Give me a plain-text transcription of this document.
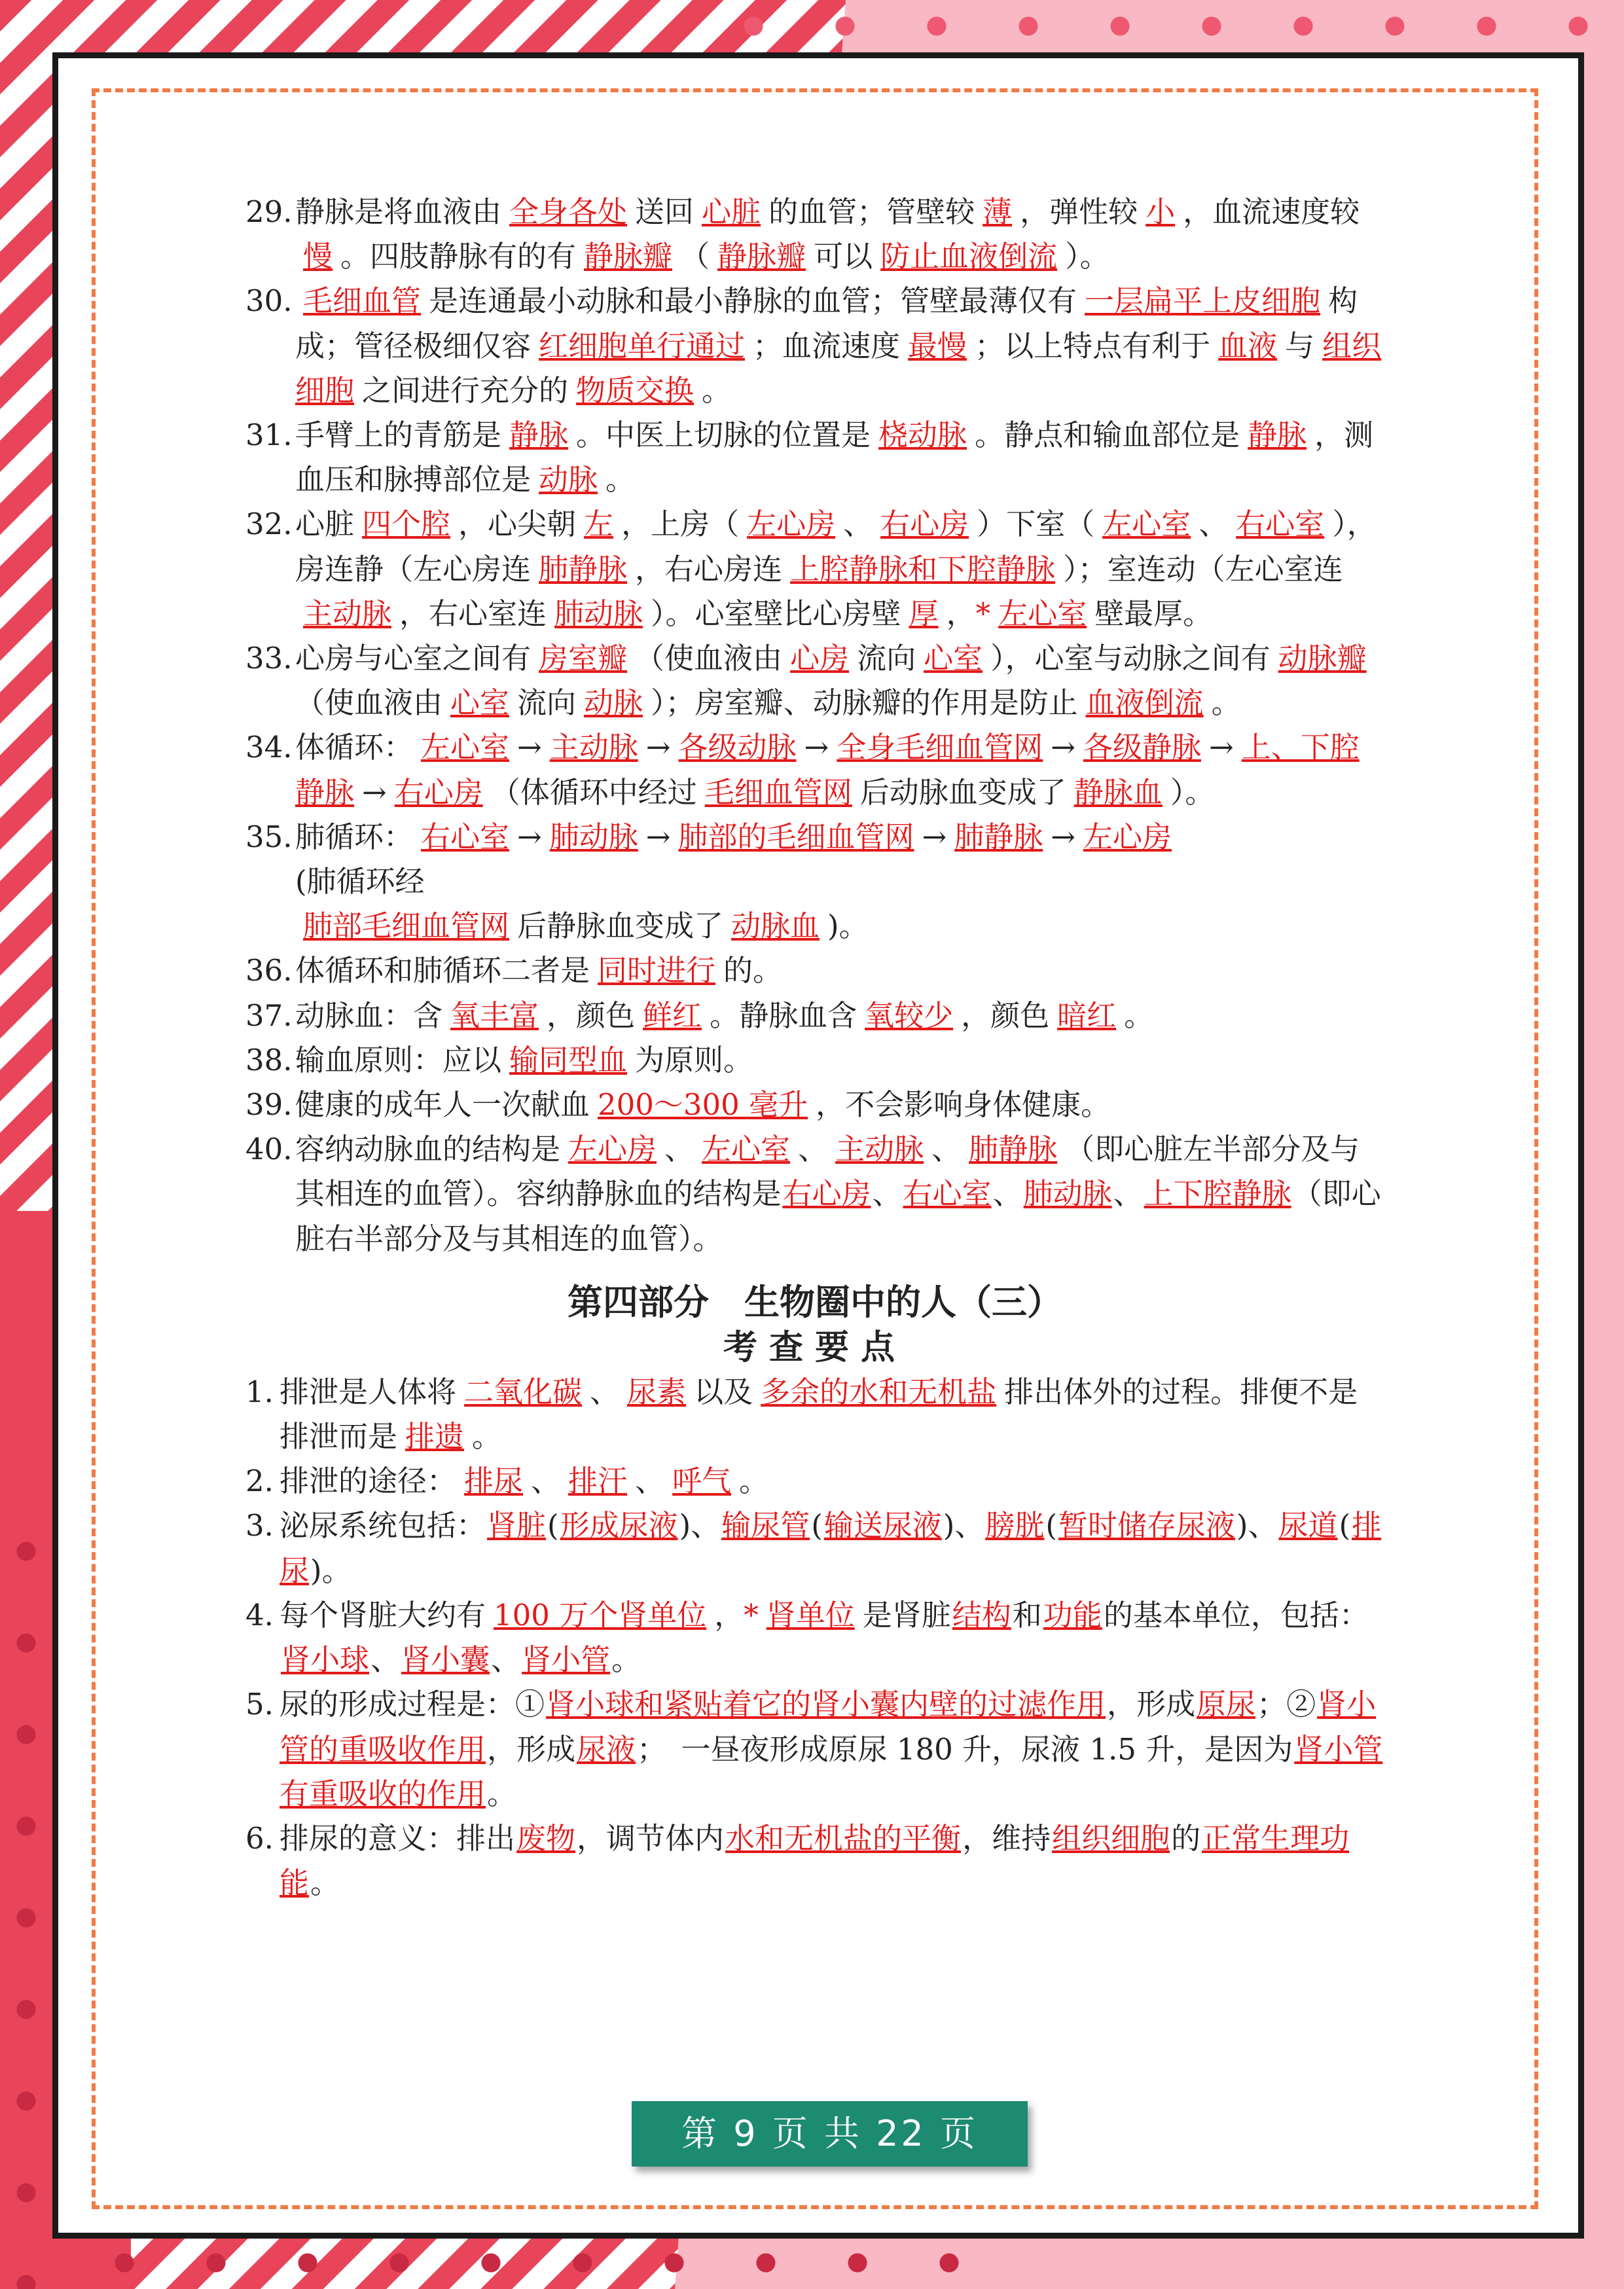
29. 静脉是将血液由 全身各处 送回 心脏 的血管；管壁较 薄 ，弹性较 小 ，血流速度较慢 。四肢静脉有的有 静脉瓣 （ 静脉瓣 可以 防止血液倒流 ）。
30. 毛细血管 是连通最小动脉和最小静脉的血管；管壁最薄仅有 一层扁平上皮细胞 构成；管径极细仅容 红细胞单行通过 ；血流速度 最慢 ；以上特点有利于 血液 与 组织细胞 之间进行充分的 物质交换 。
31. 手臂上的青筋是 静脉 。中医上切脉的位置是 桡动脉 。静点和输血部位是 静脉 ，测血压和脉搏部位是 动脉 。
32. 心脏 四个腔 ，心尖朝 左 ，上房（ 左心房 、 右心房 ）下室（ 左心室 、 右心室 ），房连静（左心房连 肺静脉 ，右心房连 上腔静脉和下腔静脉 ）；室连动（左心室连
主动脉 ，右心室连 肺动脉 ）。心室壁比心房壁 厚 ，* 左心室 壁最厚。
33. 心房与心室之间有 房室瓣 （使血液由 心房 流向 心室 ），心室与动脉之间有 动脉瓣（使血液由 心室 流向 动脉 ）；房室瓣、动脉瓣的作用是防止 血液倒流 。
34. 体循环： 左心室 → 主动脉 → 各级动脉 → 全身毛细血管网 → 各级静脉 → 上、下腔静脉 → 右心房 （体循环中经过 毛细血管网 后动脉血变成了 静脉血 ）。
35. 肺循环： 右心室 → 肺动脉 → 肺部的毛细血管网 → 肺静脉 → 左心房
(肺循环经
肺部毛细血管网 后静脉血变成了 动脉血 )。
36. 体循环和肺循环二者是 同时进行 的。
37. 动脉血：含 氧丰富 ，颜色 鲜红 。静脉血含 氧较少 ，颜色 暗红 。
38. 输血原则：应以 输同型血 为原则。
39. 健康的成年人一次献血 200～300 毫升 ，不会影响身体健康。
40. 容纳动脉血的结构是 左心房 、 左心室 、 主动脉 、 肺静脉 （即心脏左半部分及与其相连的血管）。容纳静脉血的结构是右心房、右心室、肺动脉、上下腔静脉（即心脏右半部分及与其相连的血管）。
第四部分　生物圈中的人（三）
考查要点
1. 排泄是人体将 二氧化碳 、 尿素 以及 多余的水和无机盐 排出体外的过程。排便不是排泄而是 排遗 。
2. 排泄的途径： 排尿 、 排汗 、 呼气 。
3. 泌尿系统包括：肾脏(形成尿液)、输尿管(输送尿液)、膀胱(暂时储存尿液)、尿道(排尿)。
4. 每个肾脏大约有 100 万个肾单位 ，* 肾单位 是肾脏结构和功能的基本单位，包括：肾小球、肾小囊、肾小管。
5. 尿的形成过程是：①肾小球和紧贴着它的肾小囊内壁的过滤作用，形成原尿；②肾小管的重吸收作用，形成尿液；　一昼夜形成原尿 180 升，尿液 1.5 升，是因为肾小管有重吸收的作用。
6. 排尿的意义：排出废物，调节体内水和无机盐的平衡，维持组织细胞的正常生理功能。
第 9 页 共 22 页
